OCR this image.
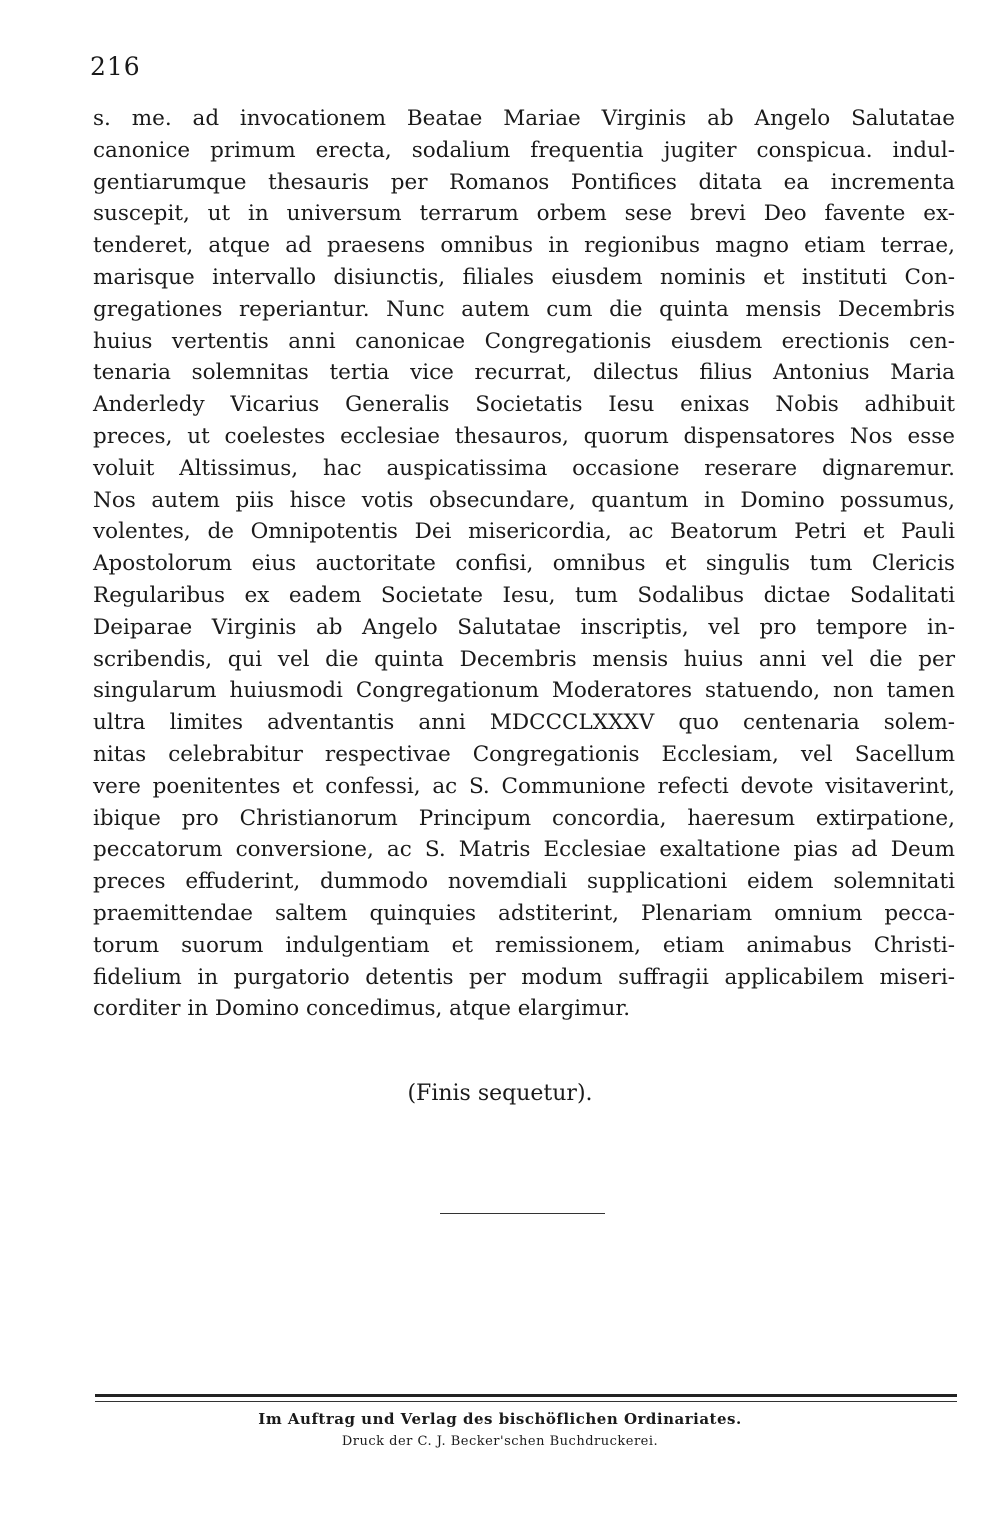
216
s. me. ad invocationem Beatae Mariae Virginis ab Angelo Salutatae
canonice primum erecta, sodalium frequentia jugiter conspicua. indul-
gentiarumque thesauris per Romanos Pontifices ditata ea incrementa
suscepit, ut in universum terrarum orbem sese brevi Deo favente ex-
tenderet, atque ad praesens omnibus in regionibus magno etiam terrae,
marisque intervallo disiunctis, filiales eiusdem nominis et instituti Con-
gregationes reperiantur. Nunc autem cum die quinta mensis Decembris
huius vertentis anni canonicae Congregationis eiusdem erectionis cen-
tenaria solemnitas tertia vice recurrat, dilectus filius Antonius Maria
Anderledy Vicarius Generalis Societatis Iesu enixas Nobis adhibuit
preces, ut coelestes ecclesiae thesauros, quorum dispensatores Nos esse
voluit Altissimus, hac auspicatissima occasione reserare dignaremur.
Nos autem piis hisce votis obsecundare, quantum in Domino possumus,
volentes, de Omnipotentis Dei misericordia, ac Beatorum Petri et Pauli
Apostolorum eius auctoritate confisi, omnibus et singulis tum Clericis
Regularibus ex eadem Societate Iesu, tum Sodalibus dictae Sodalitati
Deiparae Virginis ab Angelo Salutatae inscriptis, vel pro tempore in-
scribendis, qui vel die quinta Decembris mensis huius anni vel die per
singularum huiusmodi Congregationum Moderatores statuendo, non tamen
ultra limites adventantis anni MDCCCLXXXV quo centenaria solem-
nitas celebrabitur respectivae Congregationis Ecclesiam, vel Sacellum
vere poenitentes et confessi, ac S. Communione refecti devote visitaverint,
ibique pro Christianorum Principum concordia, haeresum extirpatione,
peccatorum conversione, ac S. Matris Ecclesiae exaltatione pias ad Deum
preces effuderint, dummodo novemdiali supplicationi eidem solemnitati
praemittendae saltem quinquies adstiterint, Plenariam omnium pecca-
torum suorum indulgentiam et remissionem, etiam animabus Christi-
fidelium in purgatorio detentis per modum suffragii applicabilem miseri-
corditer in Domino concedimus, atque elargimur.
(Finis sequetur).
Im Auftrag und Verlag des bischöflichen Ordinariates.
Druck der C. J. Becker'schen Buchdruckerei.
